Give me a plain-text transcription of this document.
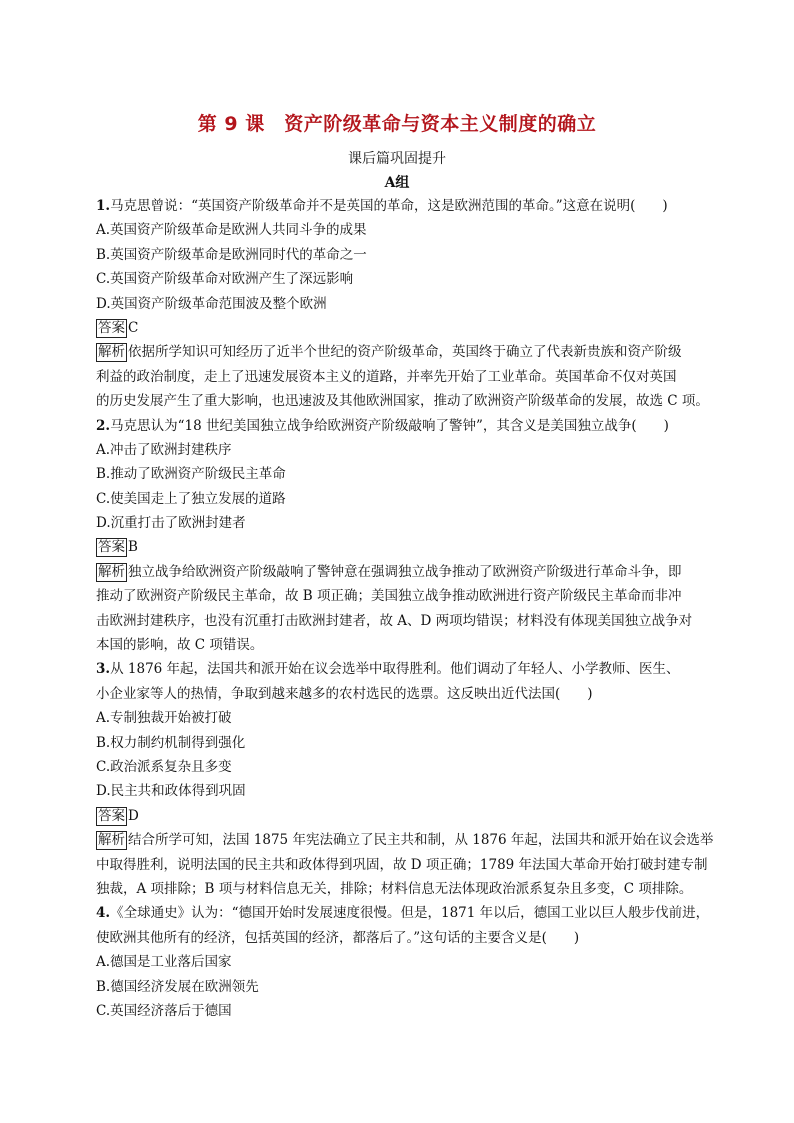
第 9 课　资产阶级革命与资本主义制度的确立
课后篇巩固提升
A组
1.马克思曾说：“英国资产阶级革命并不是英国的革命，这是欧洲范围的革命。”这意在说明(　　)
A.英国资产阶级革命是欧洲人共同斗争的成果
B.英国资产阶级革命是欧洲同时代的革命之一
C.英国资产阶级革命对欧洲产生了深远影响
D.英国资产阶级革命范围波及整个欧洲
答案 C
解析 依据所学知识可知经历了近半个世纪的资产阶级革命，英国终于确立了代表新贵族和资产阶级
利益的政治制度，走上了迅速发展资本主义的道路，并率先开始了工业革命。英国革命不仅对英国
的历史发展产生了重大影响，也迅速波及其他欧洲国家，推动了欧洲资产阶级革命的发展，故选 C 项。
2.马克思认为“18 世纪美国独立战争给欧洲资产阶级敲响了警钟”，其含义是美国独立战争(　　)
A.冲击了欧洲封建秩序
B.推动了欧洲资产阶级民主革命
C.使美国走上了独立发展的道路
D.沉重打击了欧洲封建者
答案 B
解析 独立战争给欧洲资产阶级敲响了警钟意在强调独立战争推动了欧洲资产阶级进行革命斗争，即
推动了欧洲资产阶级民主革命，故 B 项正确；美国独立战争推动欧洲进行资产阶级民主革命而非冲
击欧洲封建秩序，也没有沉重打击欧洲封建者，故 A、D 两项均错误；材料没有体现美国独立战争对
本国的影响，故 C 项错误。
3.从 1876 年起，法国共和派开始在议会选举中取得胜利。他们调动了年轻人、小学教师、医生、
小企业家等人的热情，争取到越来越多的农村选民的选票。这反映出近代法国(　　)
A.专制独裁开始被打破
B.权力制约机制得到强化
C.政治派系复杂且多变
D.民主共和政体得到巩固
答案 D
解析 结合所学可知，法国 1875 年宪法确立了民主共和制，从 1876 年起，法国共和派开始在议会选举
中取得胜利，说明法国的民主共和政体得到巩固，故 D 项正确；1789 年法国大革命开始打破封建专制
独裁，A 项排除；B 项与材料信息无关，排除；材料信息无法体现政治派系复杂且多变，C 项排除。
4.《全球通史》认为：“德国开始时发展速度很慢。但是，1871 年以后，德国工业以巨人般步伐前进，
使欧洲其他所有的经济，包括英国的经济，都落后了。”这句话的主要含义是(　　)
A.德国是工业落后国家
B.德国经济发展在欧洲领先
C.英国经济落后于德国
